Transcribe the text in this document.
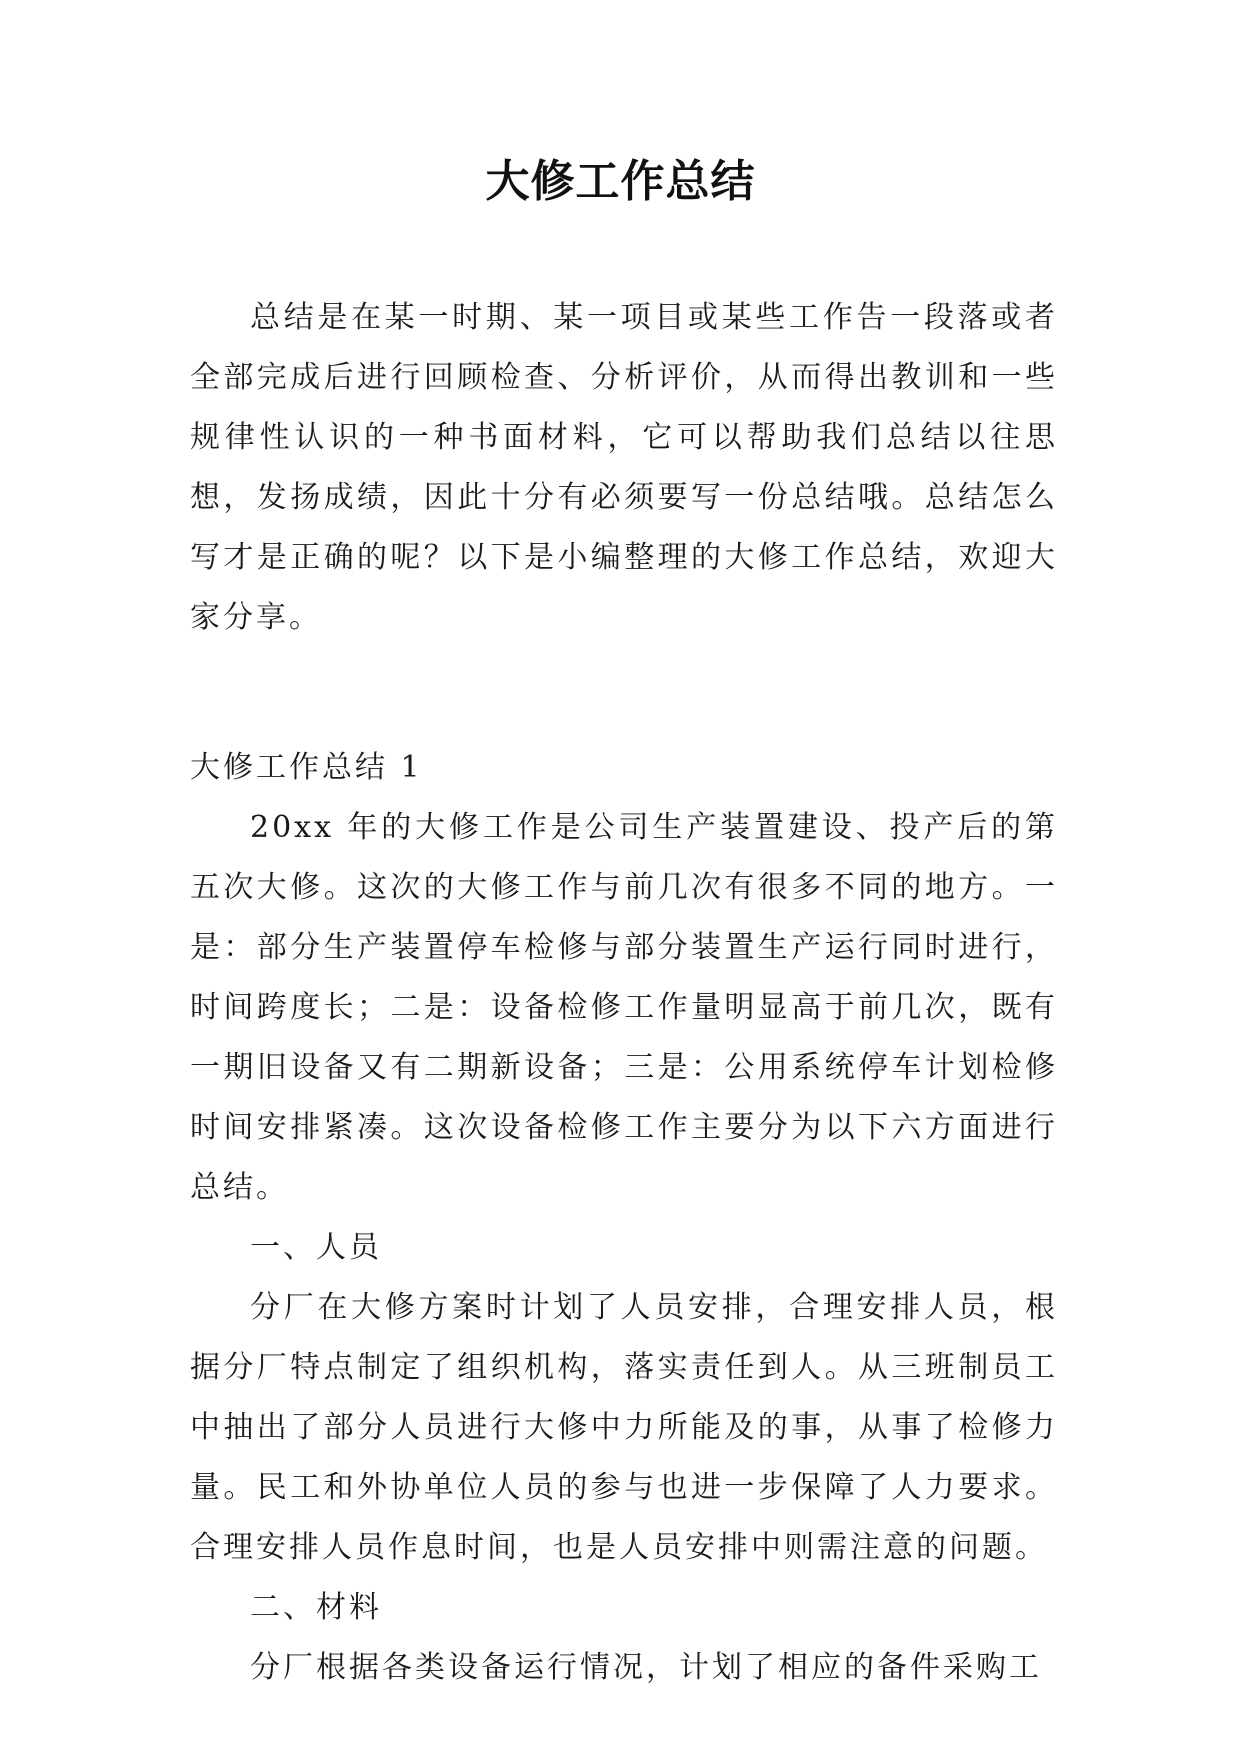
大修工作总结

总结是在某一时期、某一项目或某些工作告一段落或者全部完成后进行回顾检查、分析评价，从而得出教训和一些规律性认识的一种书面材料，它可以帮助我们总结以往思想，发扬成绩，因此十分有必须要写一份总结哦。总结怎么写才是正确的呢？以下是小编整理的大修工作总结，欢迎大家分享。

大修工作总结 1

20xx 年的大修工作是公司生产装置建设、投产后的第五次大修。这次的大修工作与前几次有很多不同的地方。一是：部分生产装置停车检修与部分装置生产运行同时进行，时间跨度长；二是：设备检修工作量明显高于前几次，既有一期旧设备又有二期新设备；三是：公用系统停车计划检修时间安排紧凑。这次设备检修工作主要分为以下六方面进行总结。

一、人员

分厂在大修方案时计划了人员安排，合理安排人员，根据分厂特点制定了组织机构，落实责任到人。从三班制员工中抽出了部分人员进行大修中力所能及的事，从事了检修力量。民工和外协单位人员的参与也进一步保障了人力要求。合理安排人员作息时间，也是人员安排中则需注意的问题。

二、材料

分厂根据各类设备运行情况，计划了相应的备件采购工
